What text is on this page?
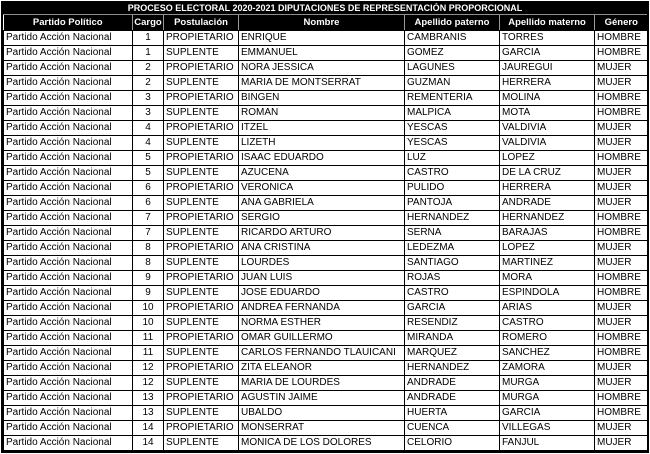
PROCESO ELECTORAL 2020-2021 DIPUTACIONES DE REPRESENTACIÓN PROPORCIONAL
Partido Político	Cargo	Postulación	Nombre	Apellido paterno	Apellido materno	Género
Partido Acción Nacional	1	PROPIETARIO	ENRIQUE	CAMBRANIS	TORRES	HOMBRE
Partido Acción Nacional	1	SUPLENTE	EMMANUEL	GOMEZ	GARCIA	HOMBRE
Partido Acción Nacional	2	PROPIETARIO	NORA JESSICA	LAGUNES	JAUREGUI	MUJER
Partido Acción Nacional	2	SUPLENTE	MARIA DE MONTSERRAT	GUZMAN	HERRERA	MUJER
Partido Acción Nacional	3	PROPIETARIO	BINGEN	REMENTERIA	MOLINA	HOMBRE
Partido Acción Nacional	3	SUPLENTE	ROMAN	MALPICA	MOTA	HOMBRE
Partido Acción Nacional	4	PROPIETARIO	ITZEL	YESCAS	VALDIVIA	MUJER
Partido Acción Nacional	4	SUPLENTE	LIZETH	YESCAS	VALDIVIA	MUJER
Partido Acción Nacional	5	PROPIETARIO	ISAAC EDUARDO	LUZ	LOPEZ	HOMBRE
Partido Acción Nacional	5	SUPLENTE	AZUCENA	CASTRO	DE LA CRUZ	MUJER
Partido Acción Nacional	6	PROPIETARIO	VERONICA	PULIDO	HERRERA	MUJER
Partido Acción Nacional	6	SUPLENTE	ANA GABRIELA	PANTOJA	ANDRADE	MUJER
Partido Acción Nacional	7	PROPIETARIO	SERGIO	HERNANDEZ	HERNANDEZ	HOMBRE
Partido Acción Nacional	7	SUPLENTE	RICARDO ARTURO	SERNA	BARAJAS	HOMBRE
Partido Acción Nacional	8	PROPIETARIO	ANA CRISTINA	LEDEZMA	LOPEZ	MUJER
Partido Acción Nacional	8	SUPLENTE	LOURDES	SANTIAGO	MARTINEZ	MUJER
Partido Acción Nacional	9	PROPIETARIO	JUAN LUIS	ROJAS	MORA	HOMBRE
Partido Acción Nacional	9	SUPLENTE	JOSE EDUARDO	CASTRO	ESPINDOLA	HOMBRE
Partido Acción Nacional	10	PROPIETARIO	ANDREA FERNANDA	GARCIA	ARIAS	MUJER
Partido Acción Nacional	10	SUPLENTE	NORMA ESTHER	RESENDIZ	CASTRO	MUJER
Partido Acción Nacional	11	PROPIETARIO	OMAR GUILLERMO	MIRANDA	ROMERO	HOMBRE
Partido Acción Nacional	11	SUPLENTE	CARLOS FERNANDO TLAUICANI	MARQUEZ	SANCHEZ	HOMBRE
Partido Acción Nacional	12	PROPIETARIO	ZITA ELEANOR	HERNANDEZ	ZAMORA	MUJER
Partido Acción Nacional	12	SUPLENTE	MARIA DE LOURDES	ANDRADE	MURGA	MUJER
Partido Acción Nacional	13	PROPIETARIO	AGUSTIN JAIME	ANDRADE	MURGA	HOMBRE
Partido Acción Nacional	13	SUPLENTE	UBALDO	HUERTA	GARCIA	HOMBRE
Partido Acción Nacional	14	PROPIETARIO	MONSERRAT	CUENCA	VILLEGAS	MUJER
Partido Acción Nacional	14	SUPLENTE	MONICA DE LOS DOLORES	CELORIO	FANJUL	MUJER
